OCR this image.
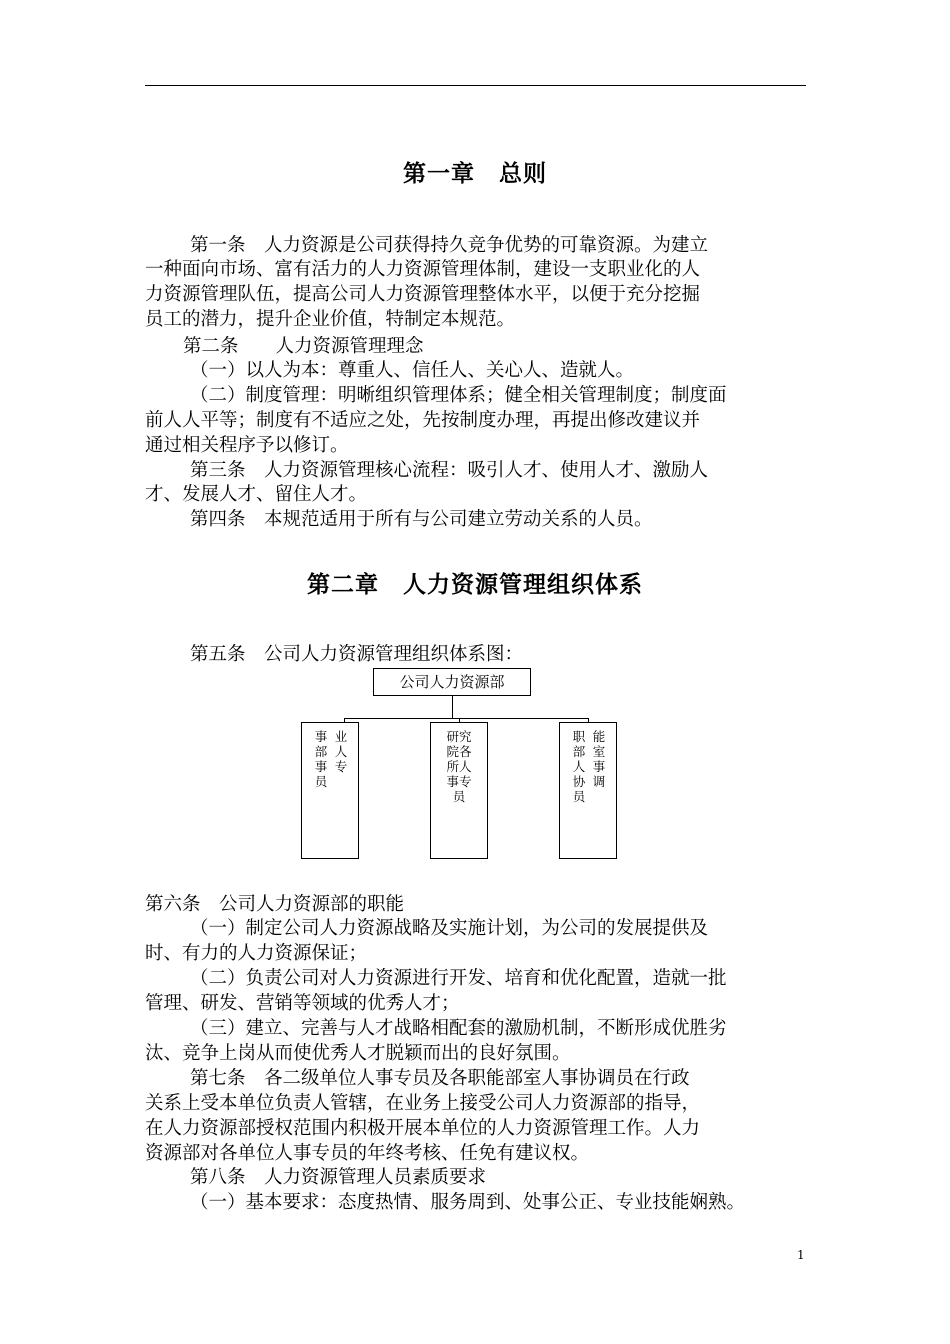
第一章　总则
第一条　人力资源是公司获得持久竞争优势的可靠资源。为建立
一种面向市场、富有活力的人力资源管理体制，建设一支职业化的人
力资源管理队伍，提高公司人力资源管理整体水平，以便于充分挖掘
员工的潜力，提升企业价值，特制定本规范。
第二条　　人力资源管理理念
（一）以人为本：尊重人、信任人、关心人、造就人。
（二）制度管理：明晰组织管理体系；健全相关管理制度；制度面
前人人平等；制度有不适应之处，先按制度办理，再提出修改建议并
通过相关程序予以修订。
第三条　人力资源管理核心流程：吸引人才、使用人才、激励人
才、发展人才、留住人才。
第四条　本规范适用于所有与公司建立劳动关系的人员。
第二章　人力资源管理组织体系
第五条　公司人力资源管理组织体系图：
公司人力资源部
事部事员
业人专
研究院各所人事专员
职部人协员
能室事调
第六条　公司人力资源部的职能
（一）制定公司人力资源战略及实施计划，为公司的发展提供及
时、有力的人力资源保证；
（二）负责公司对人力资源进行开发、培育和优化配置，造就一批
管理、研发、营销等领域的优秀人才；
（三）建立、完善与人才战略相配套的激励机制，不断形成优胜劣
汰、竞争上岗从而使优秀人才脱颖而出的良好氛围。
第七条　各二级单位人事专员及各职能部室人事协调员在行政
关系上受本单位负责人管辖，在业务上接受公司人力资源部的指导，
在人力资源部授权范围内积极开展本单位的人力资源管理工作。人力
资源部对各单位人事专员的年终考核、任免有建议权。
第八条　人力资源管理人员素质要求
（一）基本要求：态度热情、服务周到、处事公正、专业技能娴熟。
1
